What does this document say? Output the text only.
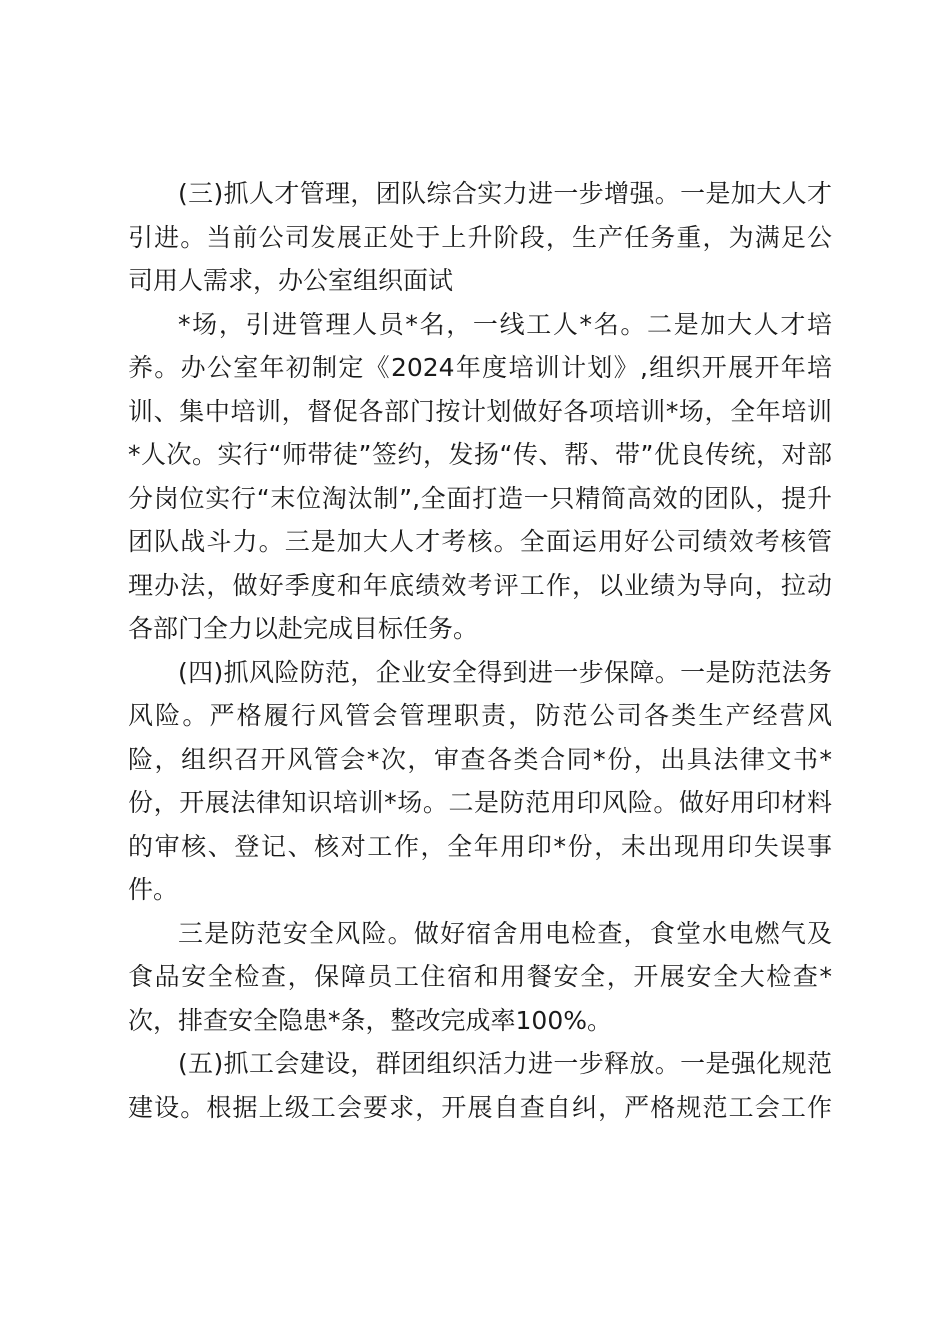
(三)抓人才管理，团队综合实力进一步增强。一是加大人才
引进。当前公司发展正处于上升阶段，生产任务重，为满足公
司用人需求，办公室组织面试
*场，引进管理人员*名，一线工人*名。二是加大人才培
养。办公室年初制定《2024年度培训计划》,组织开展开年培
训、集中培训，督促各部门按计划做好各项培训*场，全年培训
*人次。实行“师带徒”签约，发扬“传、帮、带”优良传统，对部
分岗位实行“末位淘汰制”,全面打造一只精简高效的团队，提升
团队战斗力。三是加大人才考核。全面运用好公司绩效考核管
理办法，做好季度和年底绩效考评工作，以业绩为导向，拉动
各部门全力以赴完成目标任务。
(四)抓风险防范，企业安全得到进一步保障。一是防范法务
风险。严格履行风管会管理职责，防范公司各类生产经营风
险，组织召开风管会*次，审查各类合同*份，出具法律文书*
份，开展法律知识培训*场。二是防范用印风险。做好用印材料
的审核、登记、核对工作，全年用印*份，未出现用印失误事
件。
三是防范安全风险。做好宿舍用电检查，食堂水电燃气及
食品安全检查，保障员工住宿和用餐安全，开展安全大检查*
次，排查安全隐患*条，整改完成率100%。
(五)抓工会建设，群团组织活力进一步释放。一是强化规范
建设。根据上级工会要求，开展自查自纠，严格规范工会工作
